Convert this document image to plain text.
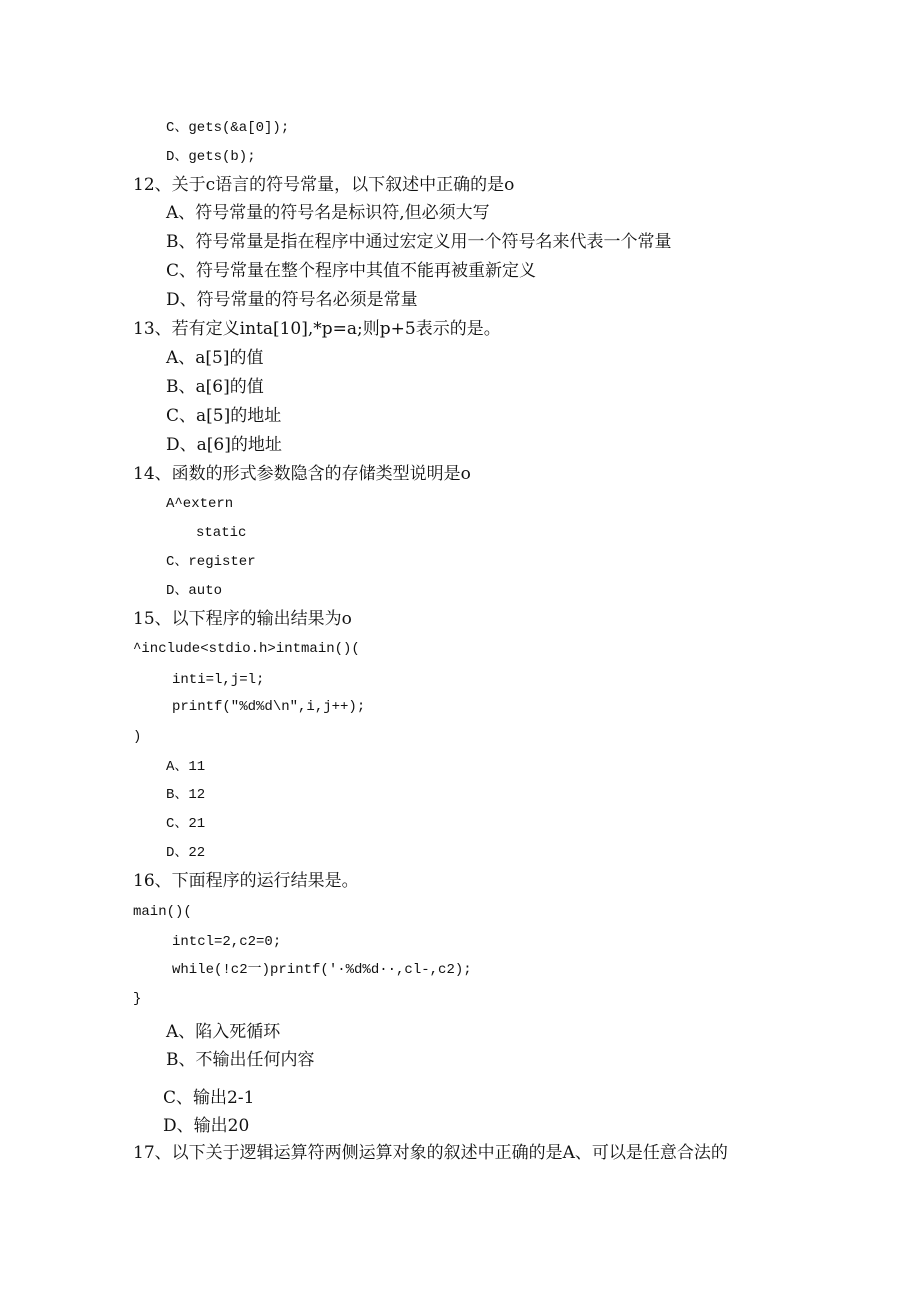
C、gets(&a[0]);
D、gets(b);
12、关于c语言的符号常量，以下叙述中正确的是o
A、符号常量的符号名是标识符,但必须大写
B、符号常量是指在程序中通过宏定义用一个符号名来代表一个常量
C、符号常量在整个程序中其值不能再被重新定义
D、符号常量的符号名必须是常量
13、若有定义inta[10],*p=a;则p+5表示的是。
A、a[5]的值
B、a[6]的值
C、a[5]的地址
D、a[6]的地址
14、函数的形式参数隐含的存储类型说明是o
A^extern
static
C、register
D、auto
15、以下程序的输出结果为o
^include<stdio.h>intmain()(
inti=l,j=l;
printf("%d%d\n",i,j++);
)
A、11
B、12
C、21
D、22
16、下面程序的运行结果是。
main()(
intcl=2,c2=0;
while(!c2一)printf('·%d%d··,cl-,c2);
}
A、陷入死循环
B、不输出任何内容
C、输出2-1
D、输出20
17、以下关于逻辑运算符两侧运算对象的叙述中正确的是A、可以是任意合法的
